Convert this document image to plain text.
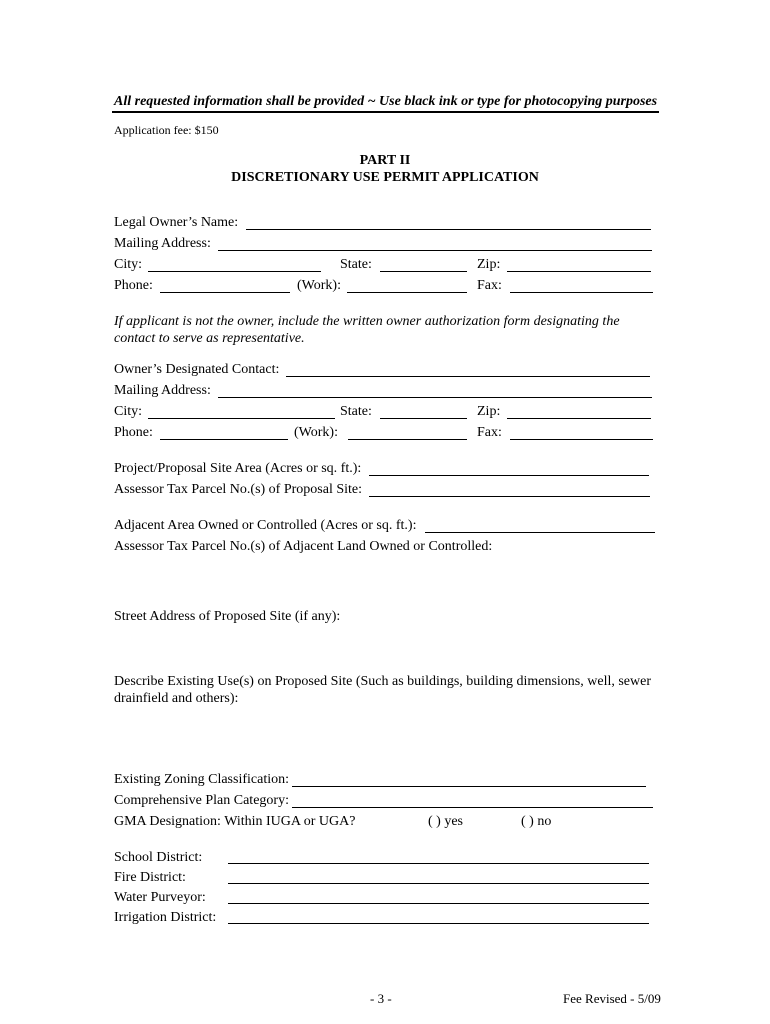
All requested information shall be provided ~ Use black ink or type for photocopying purposes
Application fee: $150
PART II
DISCRETIONARY USE PERMIT APPLICATION
Legal Owner’s Name:
Mailing Address:
City:	State:	Zip:
Phone:	(Work):	Fax:
If applicant is not the owner, include the written owner authorization form designating the
contact to serve as representative.
Owner’s Designated Contact:
Mailing Address:
City:	State:	Zip:
Phone:	(Work):	Fax:
Project/Proposal Site Area (Acres or sq. ft.):
Assessor Tax Parcel No.(s) of Proposal Site:
Adjacent Area Owned or Controlled (Acres or sq. ft.):
Assessor Tax Parcel No.(s) of Adjacent Land Owned or Controlled:
Street Address of Proposed Site (if any):
Describe Existing Use(s) on Proposed Site (Such as buildings, building dimensions, well, sewer
drainfield and others):
Existing Zoning Classification:
Comprehensive Plan Category:
GMA Designation: Within IUGA or UGA?	( ) yes	( ) no
School District:
Fire District:
Water Purveyor:
Irrigation District:
- 3 -	Fee Revised - 5/09
